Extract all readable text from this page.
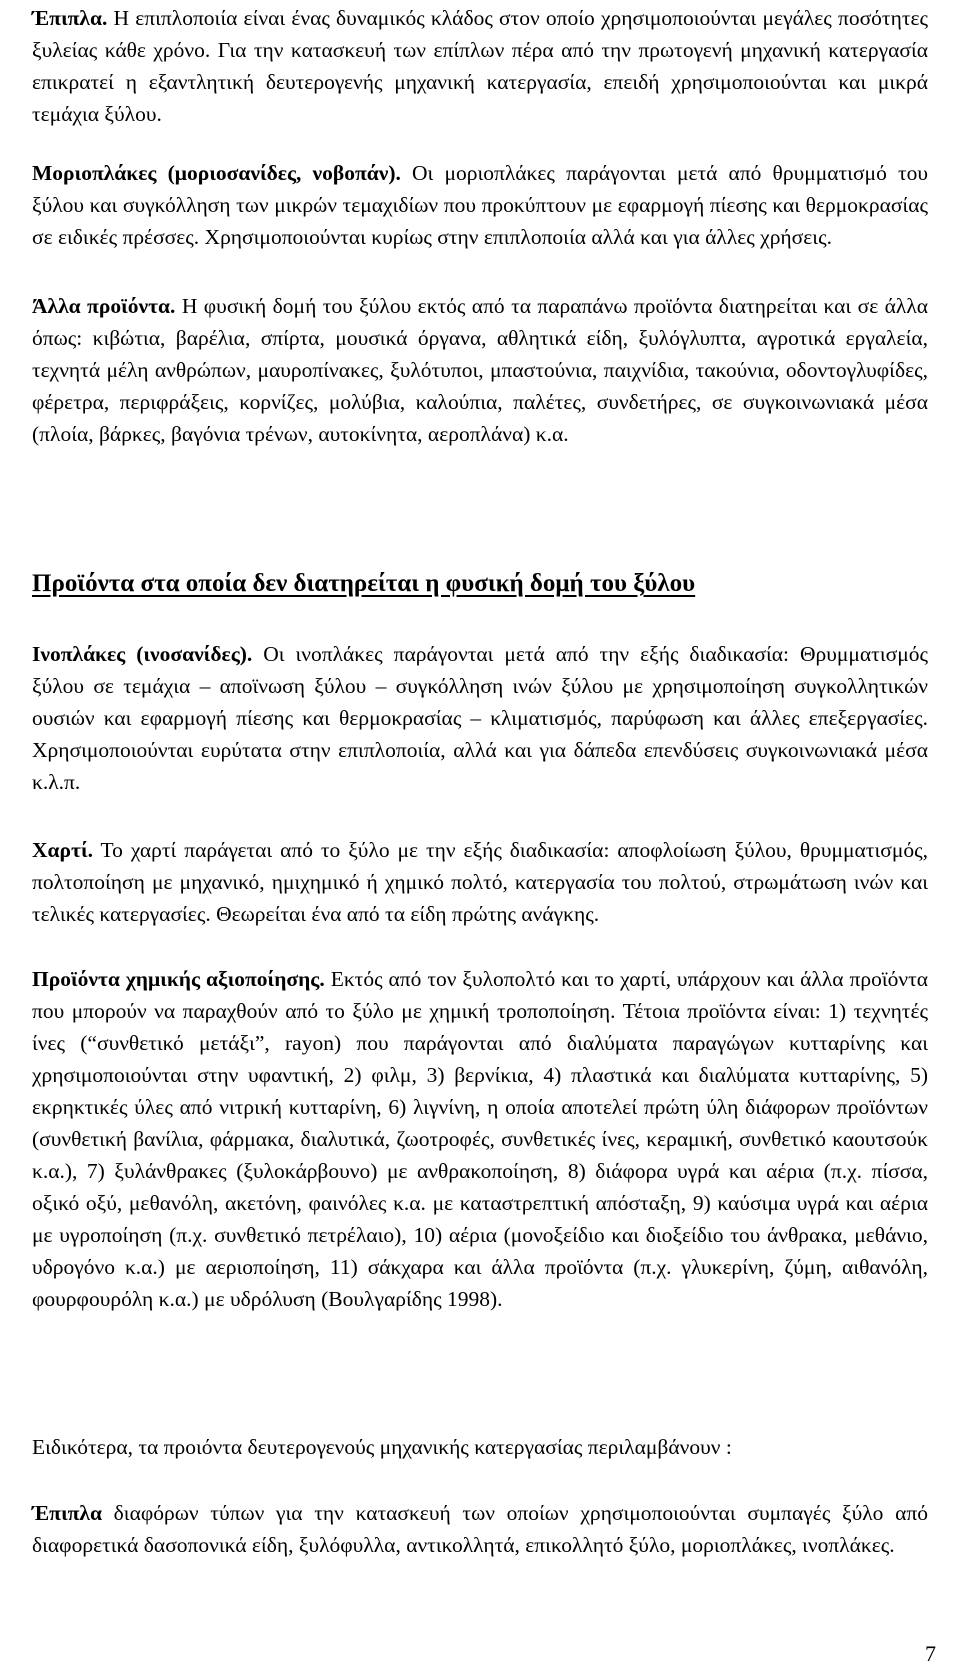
Έπιπλα. Η επιπλοποιία είναι ένας δυναμικός κλάδος στον οποίο χρησιμοποιούνται μεγάλες ποσότητες ξυλείας κάθε χρόνο. Για την κατασκευή των επίπλων πέρα από την πρωτογενή μηχανική κατεργασία επικρατεί η εξαντλητική δευτερογενής μηχανική κατεργασία, επειδή χρησιμοποιούνται και μικρά τεμάχια ξύλου.

Μοριοπλάκες (μοριοσανίδες, νοβοπάν). Οι μοριοπλάκες παράγονται μετά από θρυμματισμό του ξύλου και συγκόλληση των μικρών τεμαχιδίων που προκύπτουν με εφαρμογή πίεσης και θερμοκρασίας σε ειδικές πρέσσες. Χρησιμοποιούνται κυρίως στην επιπλοποιία αλλά και για άλλες χρήσεις.

Άλλα προϊόντα. Η φυσική δομή του ξύλου εκτός από τα παραπάνω προϊόντα διατηρείται και σε άλλα όπως: κιβώτια, βαρέλια, σπίρτα, μουσικά όργανα, αθλητικά είδη, ξυλόγλυπτα, αγροτικά εργαλεία, τεχνητά μέλη ανθρώπων, μαυροπίνακες, ξυλότυποι, μπαστούνια, παιχνίδια, τακούνια, οδοντογλυφίδες, φέρετρα, περιφράξεις, κορνίζες, μολύβια, καλούπια, παλέτες, συνδετήρες, σε συγκοινωνιακά μέσα (πλοία, βάρκες, βαγόνια τρένων, αυτοκίνητα, αεροπλάνα) κ.α.

Προϊόντα στα οποία δεν διατηρείται η φυσική δομή του ξύλου

Ινοπλάκες (ινοσανίδες). Οι ινοπλάκες παράγονται μετά από την εξής διαδικασία: Θρυμματισμός ξύλου σε τεμάχια – αποϊνωση ξύλου – συγκόλληση ινών ξύλου με χρησιμοποίηση συγκολλητικών ουσιών και εφαρμογή πίεσης και θερμοκρασίας – κλιματισμός, παρύφωση και άλλες επεξεργασίες. Χρησιμοποιούνται ευρύτατα στην επιπλοποιία, αλλά και για δάπεδα επενδύσεις συγκοινωνιακά μέσα κ.λ.π.

Χαρτί. Το χαρτί παράγεται από το ξύλο με την εξής διαδικασία: αποφλοίωση ξύλου, θρυμματισμός, πολτοποίηση με μηχανικό, ημιχημικό ή χημικό πολτό, κατεργασία του πολτού, στρωμάτωση ινών και τελικές κατεργασίες. Θεωρείται ένα από τα είδη πρώτης ανάγκης.

Προϊόντα χημικής αξιοποίησης. Εκτός από τον ξυλοπολτό και το χαρτί, υπάρχουν και άλλα προϊόντα που μπορούν να παραχθούν από το ξύλο με χημική τροποποίηση. Τέτοια προϊόντα είναι: 1) τεχνητές ίνες (“συνθετικό μετάξι”, rayon) που παράγονται από διαλύματα παραγώγων κυτταρίνης και χρησιμοποιούνται στην υφαντική, 2) φιλμ, 3) βερνίκια, 4) πλαστικά και διαλύματα κυτταρίνης, 5) εκρηκτικές ύλες από νιτρική κυτταρίνη, 6) λιγνίνη, η οποία αποτελεί πρώτη ύλη διάφορων προϊόντων (συνθετική βανίλια, φάρμακα, διαλυτικά, ζωοτροφές, συνθετικές ίνες, κεραμική, συνθετικό καουτσούκ κ.α.), 7) ξυλάνθρακες (ξυλοκάρβουνο) με ανθρακοποίηση, 8) διάφορα υγρά και αέρια (π.χ. πίσσα, οξικό οξύ, μεθανόλη, ακετόνη, φαινόλες κ.α. με καταστρεπτική απόσταξη, 9) καύσιμα υγρά και αέρια με υγροποίηση (π.χ. συνθετικό πετρέλαιο), 10) αέρια (μονοξείδιο και διοξείδιο του άνθρακα, μεθάνιο, υδρογόνο κ.α.) με αεριοποίηση, 11) σάκχαρα και άλλα προϊόντα (π.χ. γλυκερίνη, ζύμη, αιθανόλη, φουρφουρόλη κ.α.) με υδρόλυση (Βουλγαρίδης 1998).

Ειδικότερα, τα προιόντα δευτερογενούς μηχανικής κατεργασίας περιλαμβάνουν :

Έπιπλα διαφόρων τύπων για την κατασκευή των οποίων χρησιμοποιούνται συμπαγές ξύλο από διαφορετικά δασοπονικά είδη, ξυλόφυλλα, αντικολλητά, επικολλητό ξύλο, μοριοπλάκες, ινοπλάκες.

7
